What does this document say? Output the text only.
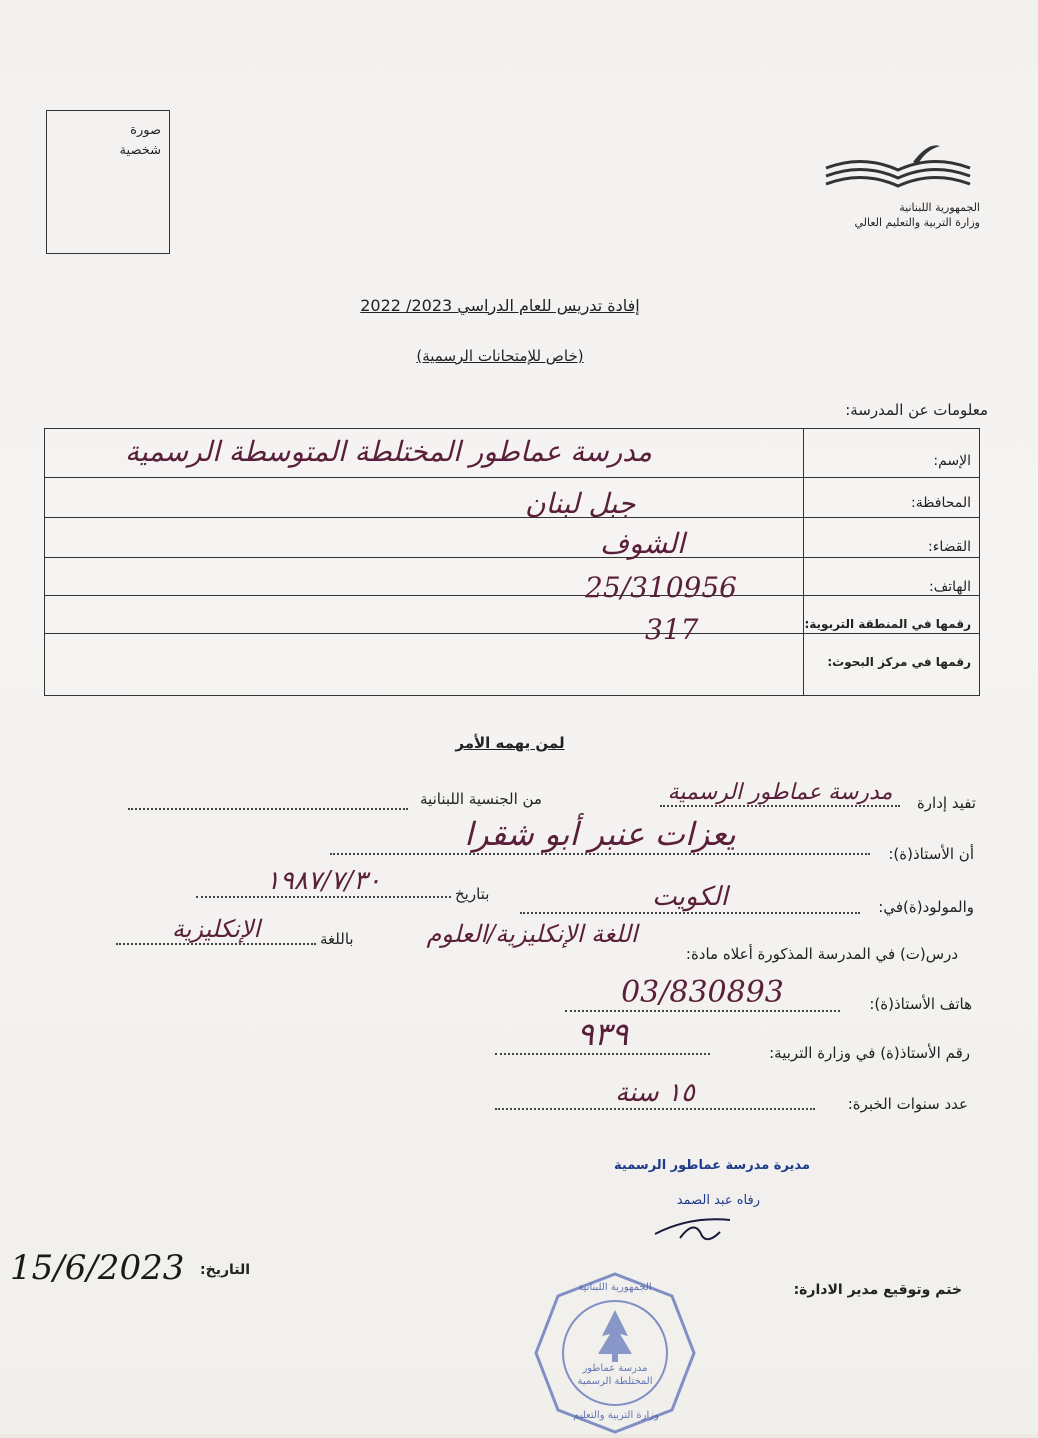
صورة
شخصية
الجمهورية اللبنانية
وزارة التربية والتعليم العالي
إفادة تدريس للعام الدراسي 2023/ 2022
(خاص للإمتحانات الرسمية)
معلومات عن المدرسة:
الإسم:
مدرسة عماطور المختلطة المتوسطة الرسمية
المحافظة:
جبل لبنان
القضاء:
الشوف
الهاتف:
25/310956
رقمها في المنطقة التربوية:
317
رقمها في مركز البحوث:
لمن يهمه الأمر
تفيد إدارة
مدرسة عماطور الرسمية
من الجنسية اللبنانية
أن الأستاذ(ة):
يعزات عنبر أبو شقرا
والمولود(ة)في:
الكويت
بتاريخ
١٩٨٧/٧/٣٠
درس(ت) في المدرسة المذكورة أعلاه مادة:
اللغة الإنكليزية/العلوم
باللغة
الإنكليزية
هاتف الأستاذ(ة):
03/830893
رقم الأستاذ(ة) في وزارة التربية:
٩٣٩
عدد سنوات الخبرة:
١٥ سنة
مديرة مدرسة عماطور الرسمية
رفاه عبد الصمد
التاريخ:
15/6/2023
ختم وتوقيع مدير الادارة:
مدرسة عماطور المختلطة الرسمية
الجمهورية اللبنانية
وزارة التربية والتعليم
